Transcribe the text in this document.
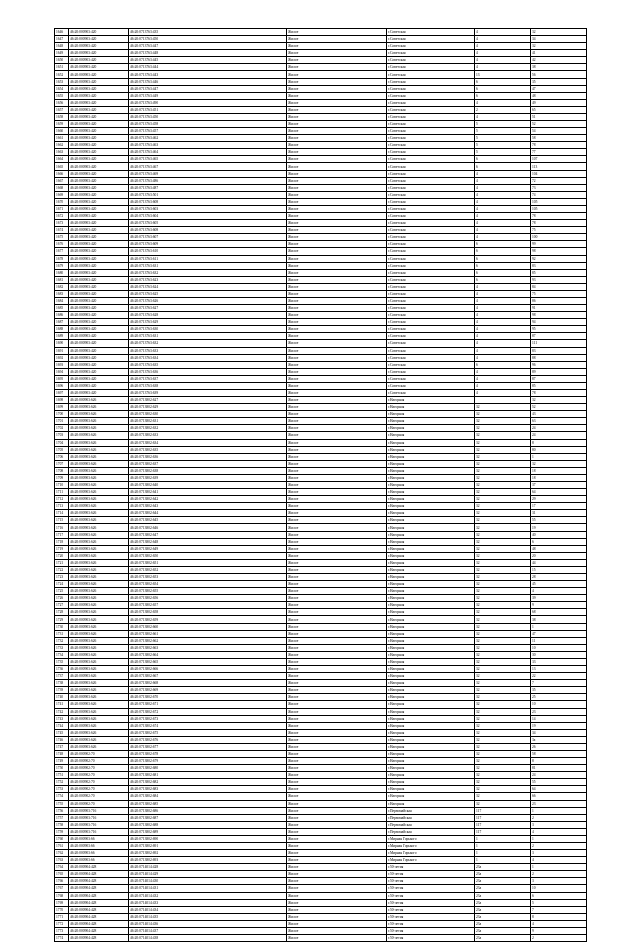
1646	46:20:000903:420	46:20:0713763:435	Жилое	г.Советская	4	32
1647	46:20:000903:420	46:20:0713763:450	Жилое	г.Советская	4	34
1648	46:20:000903:420	46:20:0713763:447	Жилое	г.Советская	4	32
1649	46:20:000903:420	46:20:0713763:448	Жилое	г.Советская	4	41
1650	46:20:000903:420	46:20:0713763:445	Жилое	г.Советская	4	42
1651	46:20:000903:420	46:20:0713763:444	Жилое	г.Советская	4	38
1652	46:20:000903:420	46:20:0713763:443	Жилое	г.Советская	13	56
1653	46:20:000903:420	46:20:0713763:446	Жилое	г.Советская	6	35
1654	46:20:000903:420	46:20:0713763:447	Жилое	г.Советская	6	47
1655	46:20:000903:420	46:20:0713763:449	Жилое	г.Советская	6	48
1656	46:20:000903:420	46:20:0713763:490	Жилое	г.Советская	4	49
1657	46:20:000903:420	46:20:0713763:451	Жилое	г.Советская	2	65
1658	46:20:000903:420	46:20:0713763:450	Жилое	г.Советская	4	51
1659	46:20:000903:420	46:20:0713763:458	Жилое	г.Советская	5	52
1660	46:20:000903:420	46:20:0713763:457	Жилое	г.Советская	5	54
1661	46:20:000903:420	46:20:0713763:462	Жилое	г.Советская	5	58
1662	46:20:000903:420	46:20:0713763:463	Жилое	г.Советская	5	78
1663	46:20:000903:420	46:20:0713763:464	Жилое	г.Советская	5	77
1664	46:20:000903:420	46:20:0713763:465	Жилое	г.Советская	6	107
1665	46:20:000903:420	46:20:0713763:467	Жилое	г.Советская	6	113
1666	46:20:000903:420	46:20:0713763:469	Жилое	г.Советская	4	104
1667	46:20:000903:420	46:20:0713763:486	Жилое	г.Советская	4	72
1668	46:20:000903:420	46:20:0713763:487	Жилое	г.Советская	4	73
1669	46:20:000903:420	46:20:0713763:501	Жилое	г.Советская	4	74
1670	46:20:000903:420	46:20:0713763:608	Жилое	г.Советская	4	105
1671	46:20:000903:420	46:20:0713763:603	Жилое	г.Советская	4	105
1672	46:20:000903:420	46:20:0713763:604	Жилое	г.Советская	4	78
1673	46:20:000903:420	46:20:0713763:605	Жилое	г.Советская	4	78
1674	46:20:000903:420	46:20:0713763:608	Жилое	г.Советская	4	75
1675	46:20:000903:420	46:20:0713763:607	Жилое	г.Советская	4	100
1676	46:20:000903:420	46:20:0713763:609	Жилое	г.Советская	6	99
1677	46:20:000903:420	46:20:0713763:610	Жилое	г.Советская	6	98
1678	46:20:000903:420	46:20:0713763:611	Жилое	г.Советская	6	92
1679	46:20:000903:420	46:20:0713763:631	Жилое	г.Советская	6	83
1680	46:20:000903:420	46:20:0713763:632	Жилое	г.Советская	6	85
1681	46:20:000903:420	46:20:0713763:623	Жилое	г.Советская	6	93
1682	46:20:000903:420	46:20:0713763:624	Жилое	г.Советская	4	84
1683	46:20:000903:420	46:20:0713763:625	Жилое	г.Советская	4	75
1684	46:20:000903:420	46:20:0713763:626	Жилое	г.Советская	4	86
1685	46:20:000903:420	46:20:0713763:627	Жилое	г.Советская	4	91
1686	46:20:000903:420	46:20:0713763:628	Жилое	г.Советская	4	98
1687	46:20:000903:420	46:20:0713763:629	Жилое	г.Советская	4	94
1688	46:20:000903:420	46:20:0713763:630	Жилое	г.Советская	4	95
1689	46:20:000903:420	46:20:0713763:631	Жилое	г.Советская	4	87
1690	46:20:000903:420	46:20:0713763:632	Жилое	г.Советская	4	111
1691	46:20:000903:420	46:20:0713763:633	Жилое	г.Советская	4	83
1692	46:20:000903:420	46:20:0713763:634	Жилое	г.Советская	4	88
1693	46:20:000903:420	46:20:0713763:635	Жилое	г.Советская	6	96
1694	46:20:000903:420	46:20:0713763:636	Жилое	г.Советская	4	89
1695	46:20:000903:420	46:20:0713763:637	Жилое	г.Советская	4	87
1696	46:20:000903:420	46:20:0713763:638	Жилое	г.Советская	4	85
1697	46:20:000903:420	46:20:0713763:639	Жилое	г.Советская	4	78
1698	46:20:000903:626	46:20:0713802:627	Жилое	г.Нагорная		32
1699	46:20:000903:626	46:20:0713802:629	Жилое	г.Нагорная	32	52
1700	46:20:000903:626	46:20:0713802:630	Жилое	г.Нагорная	32	43
1701	46:20:000903:626	46:20:0713802:631	Жилое	г.Нагорная	32	63
1702	46:20:000903:626	46:20:0713802:632	Жилое	г.Нагорная	32	24
1703	46:20:000903:626	46:20:0713802:633	Жилое	г.Нагорная	32	24
1704	46:20:000903:626	46:20:0713802:634	Жилое	г.Нагорная	32	8
1705	46:20:000903:626	46:20:0713802:635	Жилое	г.Нагорная	32	80
1706	46:20:000903:626	46:20:0713802:636	Жилое	г.Нагорная	32	1
1707	46:20:000903:626	46:20:0713802:637	Жилое	г.Нагорная	32	32
1708	46:20:000903:626	46:20:0713802:638	Жилое	г.Нагорная	32	18
1709	46:20:000903:626	46:20:0713802:639	Жилое	г.Нагорная	32	18
1710	46:20:000903:626	46:20:0713802:640	Жилое	г.Нагорная	32	37
1711	46:20:000903:626	46:20:0713802:641	Жилое	г.Нагорная	32	64
1712	46:20:000903:626	46:20:0713802:642	Жилое	г.Нагорная	32	29
1713	46:20:000903:626	46:20:0713802:643	Жилое	г.Нагорная	32	17
1714	46:20:000903:626	46:20:0713802:644	Жилое	г.Нагорная	32	31
1715	46:20:000903:626	46:20:0713802:645	Жилое	г.Нагорная	32	55
1716	46:20:000903:626	46:20:0713802:646	Жилое	г.Нагорная	32	19
1717	46:20:000903:626	46:20:0713802:647	Жилое	г.Нагорная	32	40
1718	46:20:000903:626	46:20:0713802:648	Жилое	г.Нагорная	32	6
1719	46:20:000903:626	46:20:0713802:649	Жилое	г.Нагорная	32	48
1720	46:20:000903:626	46:20:0713802:650	Жилое	г.Нагорная	32	20
1721	46:20:000903:626	46:20:0713802:651	Жилое	г.Нагорная	32	44
1722	46:20:000903:626	46:20:0713802:652	Жилое	г.Нагорная	32	15
1723	46:20:000903:626	46:20:0713802:653	Жилое	г.Нагорная	32	28
1724	46:20:000903:626	46:20:0713802:654	Жилое	г.Нагорная	32	45
1725	46:20:000903:626	46:20:0713802:655	Жилое	г.Нагорная	32	4
1726	46:20:000903:626	46:20:0713802:656	Жилое	г.Нагорная	32	39
1727	46:20:000903:626	46:20:0713802:657	Жилое	г.Нагорная	32	9
1728	46:20:000903:626	46:20:0713802:658	Жилое	г.Нагорная	32	68
1729	46:20:000903:626	46:20:0713802:659	Жилое	г.Нагорная	32	38
1730	46:20:000903:626	46:20:0713802:660	Жилое	г.Нагорная	32	1
1731	46:20:000903:626	46:20:0713802:661	Жилое	г.Нагорная	32	47
1732	46:20:000903:626	46:20:0713802:662	Жилое	г.Нагорная	32	11
1733	46:20:000903:626	46:20:0713802:663	Жилое	г.Нагорная	32	10
1734	46:20:000903:626	46:20:0713802:664	Жилое	г.Нагорная	32	30
1735	46:20:000903:626	46:20:0713802:665	Жилое	г.Нагорная	32	33
1736	46:20:000903:626	46:20:0713802:666	Жилое	г.Нагорная	32	13
1737	46:20:000903:626	46:20:0713802:667	Жилое	г.Нагорная	32	22
1738	46:20:000903:626	46:20:0713802:668	Жилое	г.Нагорная	32	7
1739	46:20:000903:626	46:20:0713802:669	Жилое	г.Нагорная	32	35
1740	46:20:000903:626	46:20:0713802:670	Жилое	г.Нагорная	32	25
1741	46:20:000903:626	46:20:0713802:671	Жилое	г.Нагорная	32	10
1742	46:20:000903:626	46:20:0713802:672	Жилое	г.Нагорная	32	23
1743	46:20:000903:626	46:20:0713802:673	Жилое	г.Нагорная	32	14
1744	46:20:000903:626	46:20:0713802:674	Жилое	г.Нагорная	32	19
1745	46:20:000903:626	46:20:0713802:675	Жилое	г.Нагорная	32	34
1746	46:20:000903:626	46:20:0713802:676	Жилое	г.Нагорная	32	3a
1747	46:20:000903:626	46:20:0713802:677	Жилое	г.Нагорная	32	26
1748	46:20:000902:70	46:20:0713802:678	Жилое	г.Нагорная	32	58
1749	46:20:000902:70	46:20:0713802:679	Жилое	г.Нагорная	32	8
1750	46:20:000902:70	46:20:0713802:680	Жилое	г.Нагорная	32	81
1751	46:20:000902:70	46:20:0713802:681	Жилое	г.Нагорная	32	24
1752	46:20:000902:70	46:20:0713802:682	Жилое	г.Нагорная	32	55
1753	46:20:000902:70	46:20:0713802:683	Жилое	г.Нагорная	32	64
1754	46:20:000902:70	46:20:0713802:684	Жилое	г.Нагорная	32	66
1755	46:20:000902:70	46:20:0713802:685	Жилое	г.Нагорная	32	23
1756	46:20:000903:716	46:20:0713802:686	Жилое	г.Первомайская	117	1
1757	46:20:000903:716	46:20:0713802:687	Жилое	г.Первомайская	117	2
1758	46:20:000903:716	46:20:0713802:688	Жилое	г.Первомайская	117	3
1759	46:20:000903:716	46:20:0713802:689	Жилое	г.Первомайская	117	4
1760	46:20:000903:66	46:20:0713802:690	Жилое	г.Мирная Горького	1	1
1761	46:20:000903:66	46:20:0713802:691	Жилое	г.Мирная Горького	1	2
1762	46:20:000903:66	46:20:0713802:692	Жилое	г.Мирная Горького	1	3
1763	46:20:000903:66	46:20:0713802:693	Жилое	г.Мирная Горького	1	4
1764	46:20:000904:428	46:20:0714014:428	Жилое	г.50-летия	23а	1
1765	46:20:000904:428	46:20:0714014:429	Жилое	г.50-летия	23а	2
1766	46:20:000904:428	46:20:0714014:430	Жилое	г.50-летия	23а	3
1767	46:20:000904:428	46:20:0714014:431	Жилое	г.50-летия	23а	10
1768	46:20:000904:428	46:20:0714014:432	Жилое	г.50-летия	23а	6
1769	46:20:000904:428	46:20:0714014:433	Жилое	г.50-летия	23а	5
1770	46:20:000904:428	46:20:0714014:434	Жилое	г.50-летия	23а	7
1771	46:20:000904:428	46:20:0714014:435	Жилое	г.50-летия	23а	8
1772	46:20:000904:428	46:20:0714014:436	Жилое	г.50-летия	23а	4
1773	46:20:000904:428	46:20:0714014:437	Жилое	г.50-летия	23а	9
1774	46:20:000904:428	46:20:0714014:438	Жилое	г.50-летия	23а	2
